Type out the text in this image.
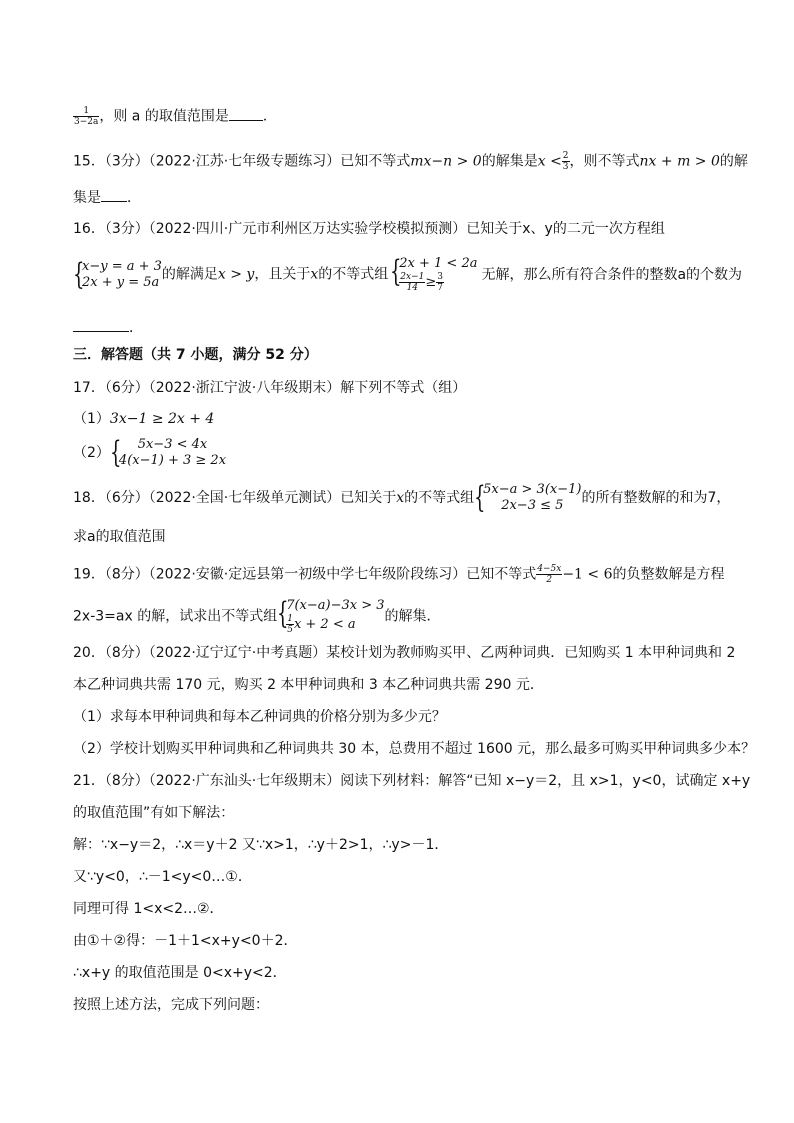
$\frac{1}{3-2a}$ ，则 a 的取值范围是 ．
15．（3分）（2022·江苏·七年级专题练习）已知不等式mx−n > 0的解集是$x < \frac{2}{3}$ ，则不等式nx + m > 0的解
集是 ．
16．（3分）（2022·四川·广元市利州区万达实验学校模拟预测）已知关于x、y的二元一次方程组
{
x−y = a + 3
2x + y = 5a 的解满足x > y，且关于x的不等式组 {
2x + 1 < 2a
$\frac{2x-1}{14} \ge \frac{3}{7}$	无解，那么所有符合条件的整数a的个数为
．
三．解答题（共 7 小题，满分 52 分）
17．（6分）（2022·浙江宁波·八年级期末）解下列不等式（组）
（1）3x−1 ≥ 2x + 4
（2） {	5x−3 < 4x
4(x−1) + 3 ≥ 2x
18．（6分）（2022·全国·七年级单元测试）已知关于x的不等式组 {
5x−a > 3(x−1)
2x−3 ≤ 5	的所有整数解的和为7，
求a的取值范围
19．（8分）（2022·安徽·定远县第一初级中学七年级阶段练习）已知不等式 $\frac{4-5x}{2} -1 < 6$的负整数解是方程
2x-3=ax 的解，试求出不等式组 {
7(x−a)−3x > 3
$\frac{1}{5}$ x + 2 < a	的解集．
20．（8分）（2022·辽宁辽宁·中考真题）某校计划为教师购买甲、乙两种词典．已知购买 1 本甲种词典和 2
本乙种词典共需 170 元，购买 2 本甲种词典和 3 本乙种词典共需 290 元．
（1）求每本甲种词典和每本乙种词典的价格分别为多少元？
（2）学校计划购买甲种词典和乙种词典共 30 本，总费用不超过 1600 元，那么最多可购买甲种词典多少本？
21．（8分）（2022·广东汕头·七年级期末）阅读下列材料：解答“已知 x−y＝2，且 x>1，y<0，试确定 x+y
的取值范围”有如下解法：
解：∵x−y＝2，∴x＝y＋2 又∵x>1，∴y＋2>1，∴y>－1．
又∵y<0，∴－1<y<0…①．
同理可得 1<x<2…②．
由①＋②得：－1＋1<x+y<0＋2．
∴x+y 的取值范围是 0<x+y<2．
按照上述方法，完成下列问题：
